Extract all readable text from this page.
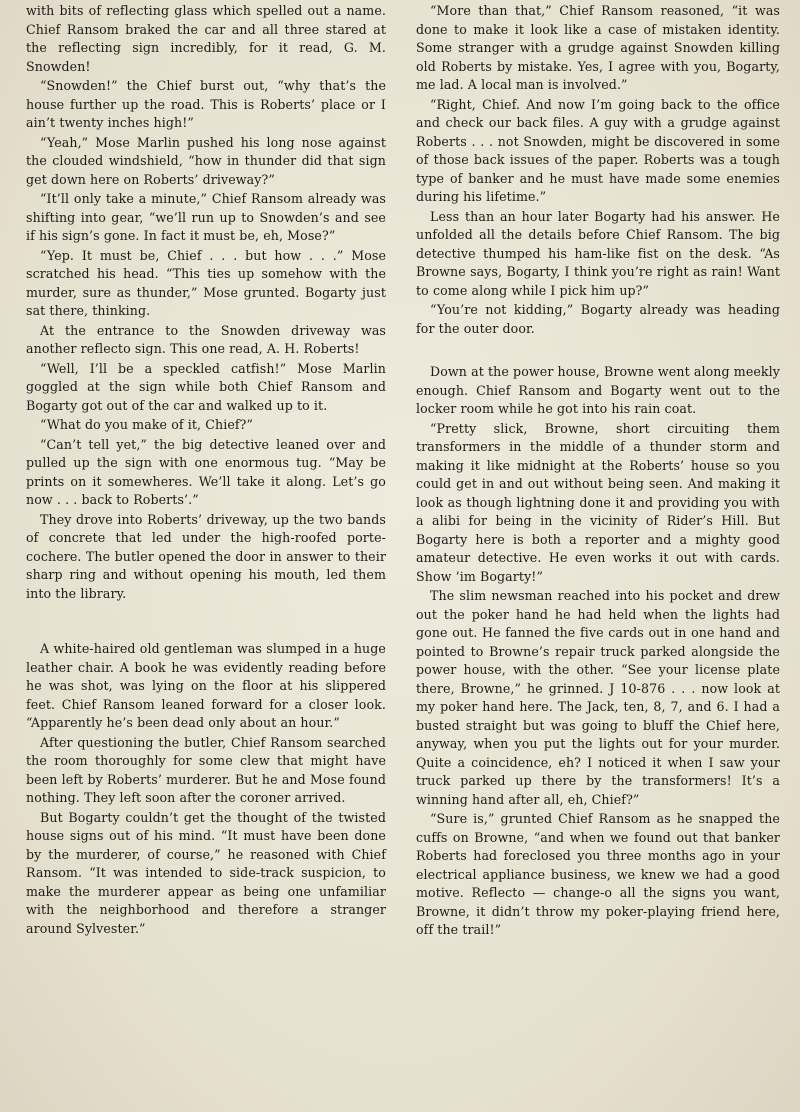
with bits of reflecting glass which spelled out a name. Chief Ransom braked the car and all three stared at the reflecting sign incredibly, for it read, G. M. Snowden!

“Snowden!” the Chief burst out, “why that’s the house further up the road. This is Roberts’ place or I ain’t twenty inches high!”

“Yeah,” Mose Marlin pushed his long nose against the clouded windshield, “how in thunder did that sign get down here on Roberts’ driveway?”

“It’ll only take a minute,” Chief Ransom already was shifting into gear, “we’ll run up to Snowden’s and see if his sign’s gone. In fact it must be, eh, Mose?”

“Yep. It must be, Chief . . . but how . . .” Mose scratched his head. “This ties up somehow with the murder, sure as thunder,” Mose grunted. Bogarty just sat there, thinking.

At the entrance to the Snowden driveway was another reflecto sign. This one read, A. H. Roberts!

“Well, I’ll be a speckled catfish!” Mose Marlin goggled at the sign while both Chief Ransom and Bogarty got out of the car and walked up to it.

“What do you make of it, Chief?”

“Can’t tell yet,” the big detective leaned over and pulled up the sign with one enormous tug. “May be prints on it somewheres. We’ll take it along. Let’s go now . . . back to Roberts’.”

They drove into Roberts’ driveway, up the two bands of concrete that led under the high-roofed porte-cochere. The butler opened the door in answer to their sharp ring and without opening his mouth, led them into the library.

A white-haired old gentleman was slumped in a huge leather chair. A book he was evidently reading before he was shot, was lying on the floor at his slippered feet. Chief Ransom leaned forward for a closer look. “Apparently he’s been dead only about an hour.”

After questioning the butler, Chief Ransom searched the room thoroughly for some clew that might have been left by Roberts’ murderer. But he and Mose found nothing. They left soon after the coroner arrived.

But Bogarty couldn’t get the thought of the twisted house signs out of his mind. “It must have been done by the murderer, of course,” he reasoned with Chief Ransom. “It was intended to side-track suspicion, to make the murderer appear as being one unfamiliar with the neighborhood and therefore a stranger around Sylvester.”

“More than that,” Chief Ransom reasoned, “it was done to make it look like a case of mistaken identity. Some stranger with a grudge against Snowden killing old Roberts by mistake. Yes, I agree with you, Bogarty, me lad. A local man is involved.”

“Right, Chief. And now I’m going back to the office and check our back files. A guy with a grudge against Roberts . . . not Snowden, might be discovered in some of those back issues of the paper. Roberts was a tough type of banker and he must have made some enemies during his lifetime.”

Less than an hour later Bogarty had his answer. He unfolded all the details before Chief Ransom. The big detective thumped his ham-like fist on the desk. “As Browne says, Bogarty, I think you’re right as rain! Want to come along while I pick him up?”

“You’re not kidding,” Bogarty already was heading for the outer door.

Down at the power house, Browne went along meekly enough. Chief Ransom and Bogarty went out to the locker room while he got into his rain coat.

“Pretty slick, Browne, short circuiting them transformers in the middle of a thunder storm and making it like midnight at the Roberts’ house so you could get in and out without being seen. And making it look as though lightning done it and providing you with a alibi for being in the vicinity of Rider’s Hill. But Bogarty here is both a reporter and a mighty good amateur detective. He even works it out with cards. Show ’im Bogarty!”

The slim newsman reached into his pocket and drew out the poker hand he had held when the lights had gone out. He fanned the five cards out in one hand and pointed to Browne’s repair truck parked alongside the power house, with the other. “See your license plate there, Browne,” he grinned. J 10-876 . . . now look at my poker hand here. The Jack, ten, 8, 7, and 6. I had a busted straight but was going to bluff the Chief here, anyway, when you put the lights out for your murder. Quite a coincidence, eh? I noticed it when I saw your truck parked up there by the transformers! It’s a winning hand after all, eh, Chief?”

“Sure is,” grunted Chief Ransom as he snapped the cuffs on Browne, “and when we found out that banker Roberts had foreclosed you three months ago in your electrical appliance business, we knew we had a good motive. Reflecto — change-o all the signs you want, Browne, it didn’t throw my poker-playing friend here, off the trail!”
